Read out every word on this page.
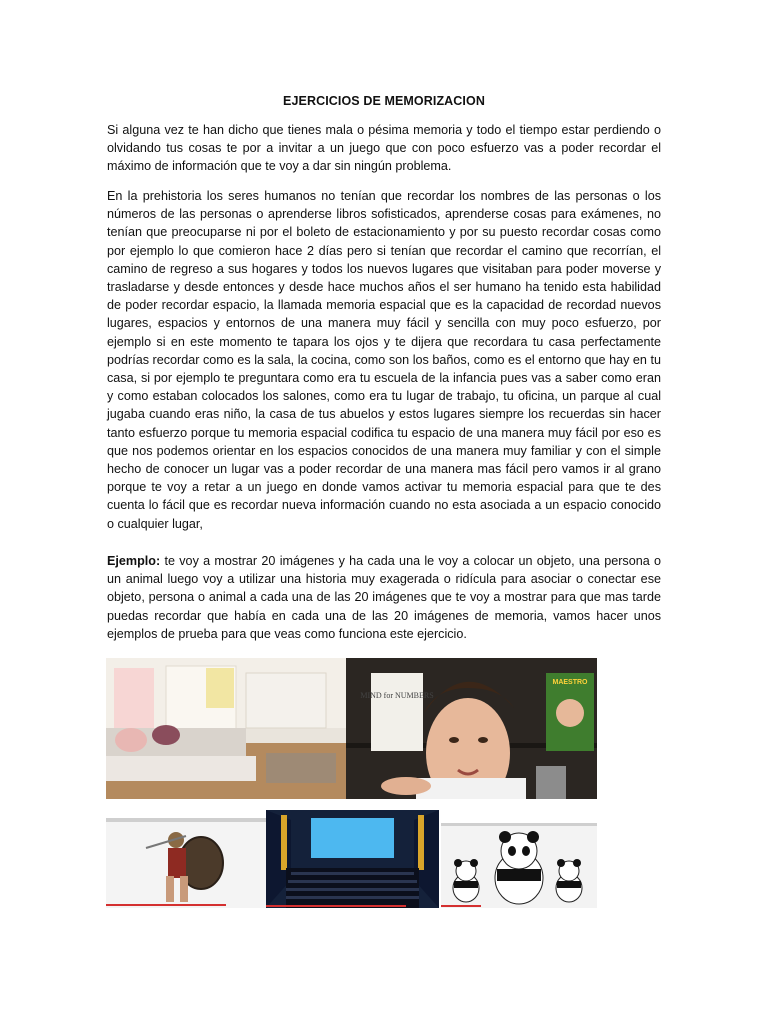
EJERCICIOS DE MEMORIZACION

Si alguna vez te han dicho que tienes mala o pésima memoria y todo el tiempo estar perdiendo o olvidando tus cosas te por a invitar a un juego que con poco esfuerzo vas a poder recordar el máximo de información que te voy a dar sin ningún problema.

En la prehistoria los seres humanos no tenían que recordar los nombres de las personas o los números de las personas o aprenderse libros sofisticados, aprenderse cosas para exámenes, no tenían que preocuparse ni por el boleto de estacionamiento y por su puesto recordar cosas como por ejemplo lo que comieron hace 2 días pero si tenían que recordar el camino que recorrían, el camino de regreso a sus hogares y todos los nuevos lugares que visitaban para poder moverse y trasladarse y desde entonces y desde hace muchos años el ser humano ha tenido esta habilidad de poder recordar espacio, la llamada memoria espacial que es la capacidad de recordad nuevos lugares, espacios y entornos de una manera muy fácil y sencilla con muy poco esfuerzo, por ejemplo si en este momento te tapara los ojos y te dijera que recordara tu casa perfectamente podrías recordar como es la sala, la cocina, como son los baños, como es el entorno que hay en tu casa, si por ejemplo te preguntara como era tu escuela de la infancia pues vas a saber como eran y como estaban colocados los salones, como era tu lugar de trabajo, tu oficina, un parque al cual jugaba cuando eras niño, la casa de tus abuelos y estos lugares siempre los recuerdas sin hacer tanto esfuerzo porque tu memoria espacial codifica tu espacio de una manera muy fácil por eso es que nos podemos orientar en los espacios conocidos de una manera muy familiar y con el simple hecho de conocer un lugar vas a poder recordar de una manera mas fácil pero vamos ir al grano porque te voy a retar a un juego en donde vamos activar tu memoria espacial para que te des cuenta lo fácil que es recordar nueva información cuando no esta asociada a un espacio conocido o cualquier lugar,

Ejemplo: te voy a mostrar 20 imágenes y ha cada una le voy a colocar un objeto, una persona o un animal luego voy a utilizar una historia muy exagerada o ridícula para asociar o conectar ese objeto, persona o animal a cada una de las 20 imágenes que te voy a mostrar para que mas tarde puedas recordar que había en cada una de las 20 imágenes de memoria, vamos hacer unos ejemplos de prueba para que veas como funciona este ejercicio.

MIND for NUMBERS
MAESTRO
